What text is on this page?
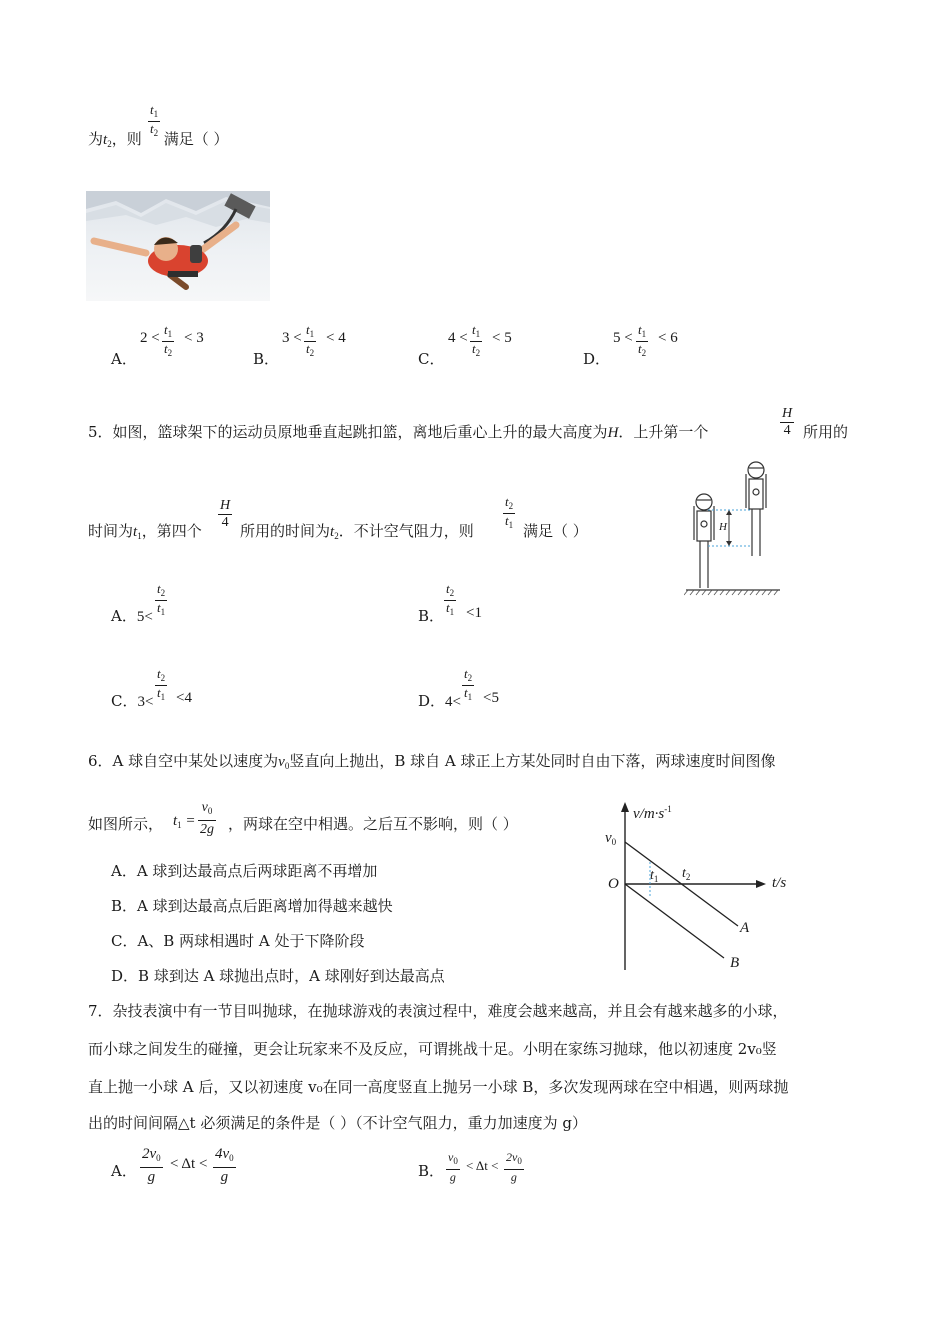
$\frac{t_1}{t_2}$
为$t_2$，则 满足（ ）
A．
$2 < \frac{t_1}{t_2} < 3$
B．
$3 < \frac{t_1}{t_2} < 4$
C．
$4 < \frac{t_1}{t_2} < 5$
D．
$5 < \frac{t_1}{t_2} < 6$
5．如图，篮球架下的运动员原地垂直起跳扣篮，离地后重心上升的最大高度为H．上升第一个	$\frac{H}{4}$ 所用的
时间为$t_1$，第四个 $\frac{H}{4}$ 所用的时间为$t_2$．不计空气阻力，则 $\frac{t_2}{t_1}$ 满足（ ）	H
A．$5< \frac{t_2}{t_1}$	B． $\frac{t_2}{t_1} <1$
C．$3< \frac{t_2}{t_1} <4$	D．$4< \frac{t_2}{t_1} <5$
6．A 球自空中某处以速度为$v_0$竖直向上抛出，B 球自 A 球正上方某处同时自由下落，两球速度时间图像
如图所示， $t_1 = \frac{v_0}{2g}$ ，两球在空中相遇。之后互不影响，则（ ）
A．A 球到达最高点后两球距离不再增加
B．A 球到达最高点后距离增加得越来越快
C．A、B 两球相遇时 A 处于下降阶段
D．B 球到达 A 球抛出点时，A 球刚好到达最高点
$v/m\cdot s^{-1}$
$v_0$
O
$t_1$ $t_2$	t/s
A
B
7．杂技表演中有一节目叫抛球，在抛球游戏的表演过程中，难度会越来越高，并且会有越来越多的小球，
而小球之间发生的碰撞，更会让玩家来不及反应，可谓挑战十足。小明在家练习抛球，他以初速度 2v₀竖
直上抛一小球 A 后，又以初速度 v₀在同一高度竖直上抛另一小球 B，多次发现两球在空中相遇，则两球抛
出的时间间隔△t 必须满足的条件是（ ）（不计空气阻力，重力加速度为 g）
A． $\frac{2v_0}{g} < \Delta t < \frac{4v_0}{g}$	B． $\frac{v_0}{g} < \Delta t < \frac{2v_0}{g}$
